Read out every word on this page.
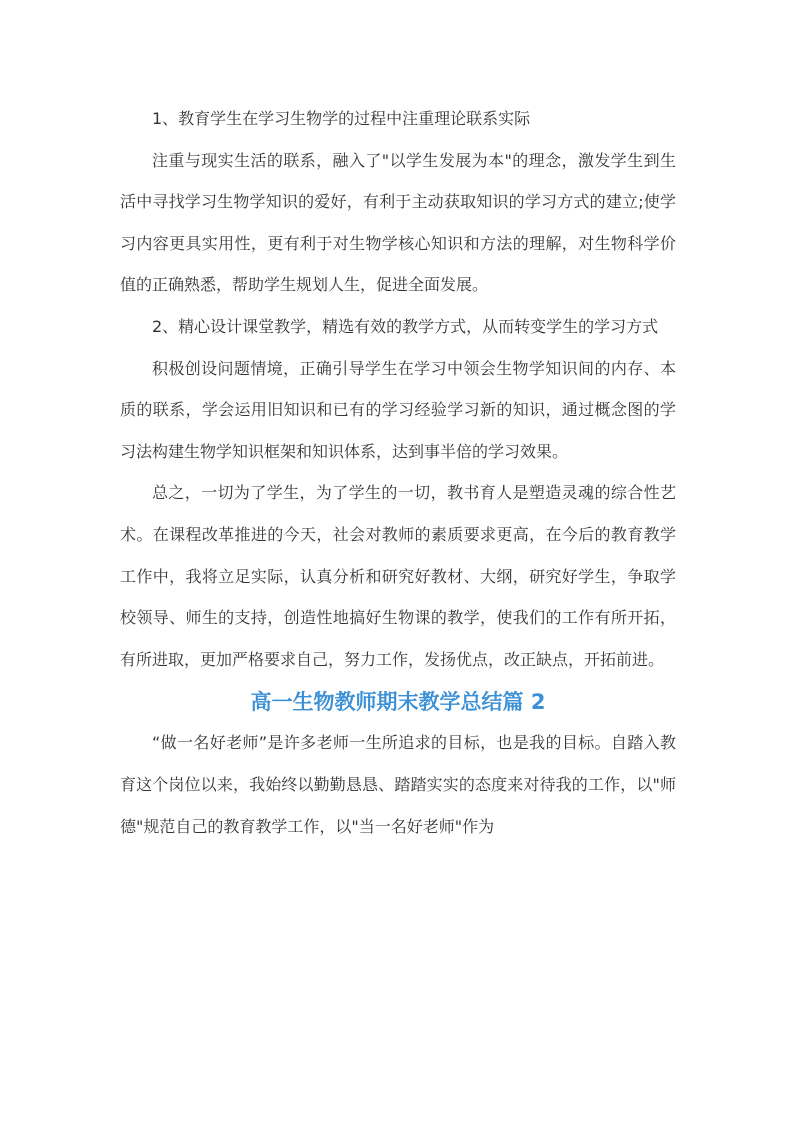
1、教育学生在学习生物学的过程中注重理论联系实际

注重与现实生活的联系，融入了"以学生发展为本"的理念，激发学生到生活中寻找学习生物学知识的爱好，有利于主动获取知识的学习方式的建立;使学习内容更具实用性，更有利于对生物学核心知识和方法的理解，对生物科学价值的正确熟悉，帮助学生规划人生，促进全面发展。

2、精心设计课堂教学，精选有效的教学方式，从而转变学生的学习方式

积极创设问题情境，正确引导学生在学习中领会生物学知识间的内存、本质的联系，学会运用旧知识和已有的学习经验学习新的知识，通过概念图的学习法构建生物学知识框架和知识体系，达到事半倍的学习效果。

总之，一切为了学生，为了学生的一切，教书育人是塑造灵魂的综合性艺术。在课程改革推进的今天，社会对教师的素质要求更高，在今后的教育教学工作中，我将立足实际，认真分析和研究好教材、大纲，研究好学生，争取学校领导、师生的支持，创造性地搞好生物课的教学，使我们的工作有所开拓，有所进取，更加严格要求自己，努力工作，发扬优点，改正缺点，开拓前进。

高一生物教师期末教学总结篇 2

“做一名好老师”是许多老师一生所追求的目标，也是我的目标。自踏入教育这个岗位以来，我始终以勤勤恳恳、踏踏实实的态度来对待我的工作，以"师德"规范自己的教育教学工作，以"当一名好老师"作为
